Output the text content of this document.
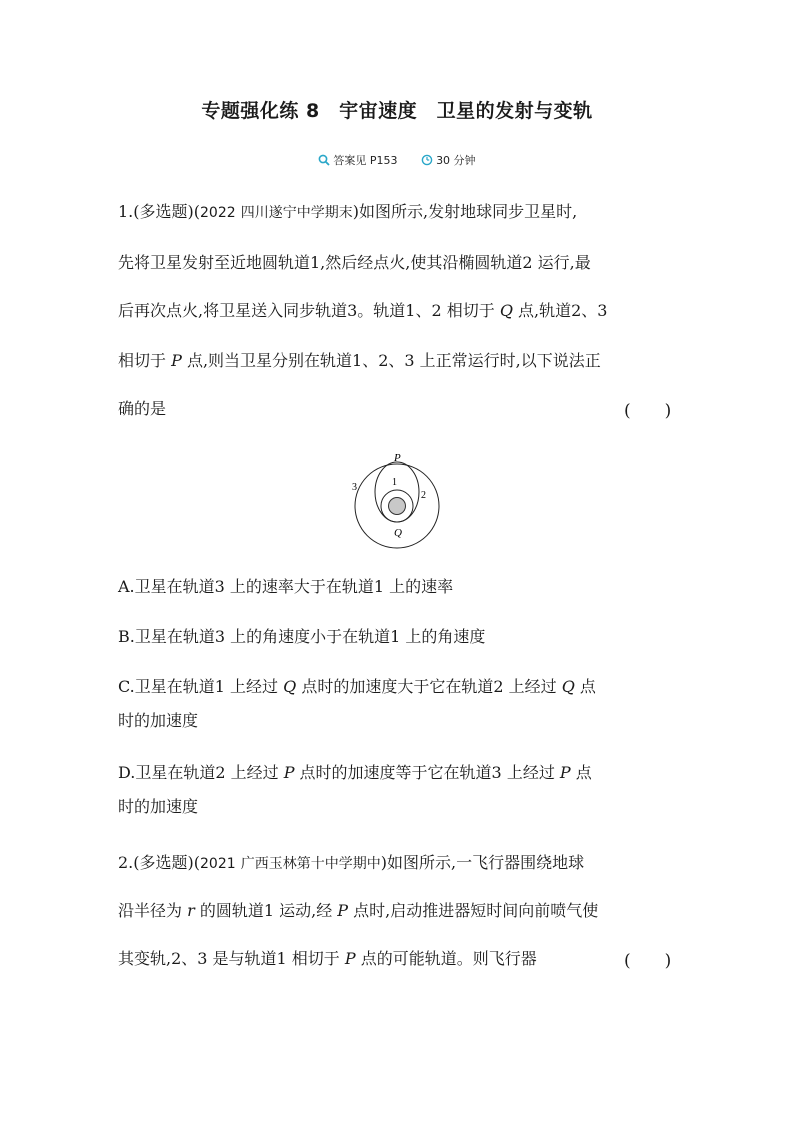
专题强化练 8　宇宙速度　卫星的发射与变轨
答案见 P153
	30 分钟
1.(多选题)(2022 四川遂宁中学期末)如图所示,发射地球同步卫星时,
先将卫星发射至近地圆轨道1,然后经点火,使其沿椭圆轨道2 运行,最
后再次点火,将卫星送入同步轨道3。轨道1、2 相切于 Q 点,轨道2、3
相切于 P 点,则当卫星分别在轨道1、2、3 上正常运行时,以下说法正
确的是	(　　)
P
1
2
3
Q
A.卫星在轨道3 上的速率大于在轨道1 上的速率
B.卫星在轨道3 上的角速度小于在轨道1 上的角速度
C.卫星在轨道1 上经过 Q 点时的加速度大于它在轨道2 上经过 Q 点
时的加速度
D.卫星在轨道2 上经过 P 点时的加速度等于它在轨道3 上经过 P 点
时的加速度
2.(多选题)(2021 广西玉林第十中学期中)如图所示,一飞行器围绕地球
沿半径为 r 的圆轨道1 运动,经 P 点时,启动推进器短时间向前喷气使
其变轨,2、3 是与轨道1 相切于 P 点的可能轨道。则飞行器	(　　)
